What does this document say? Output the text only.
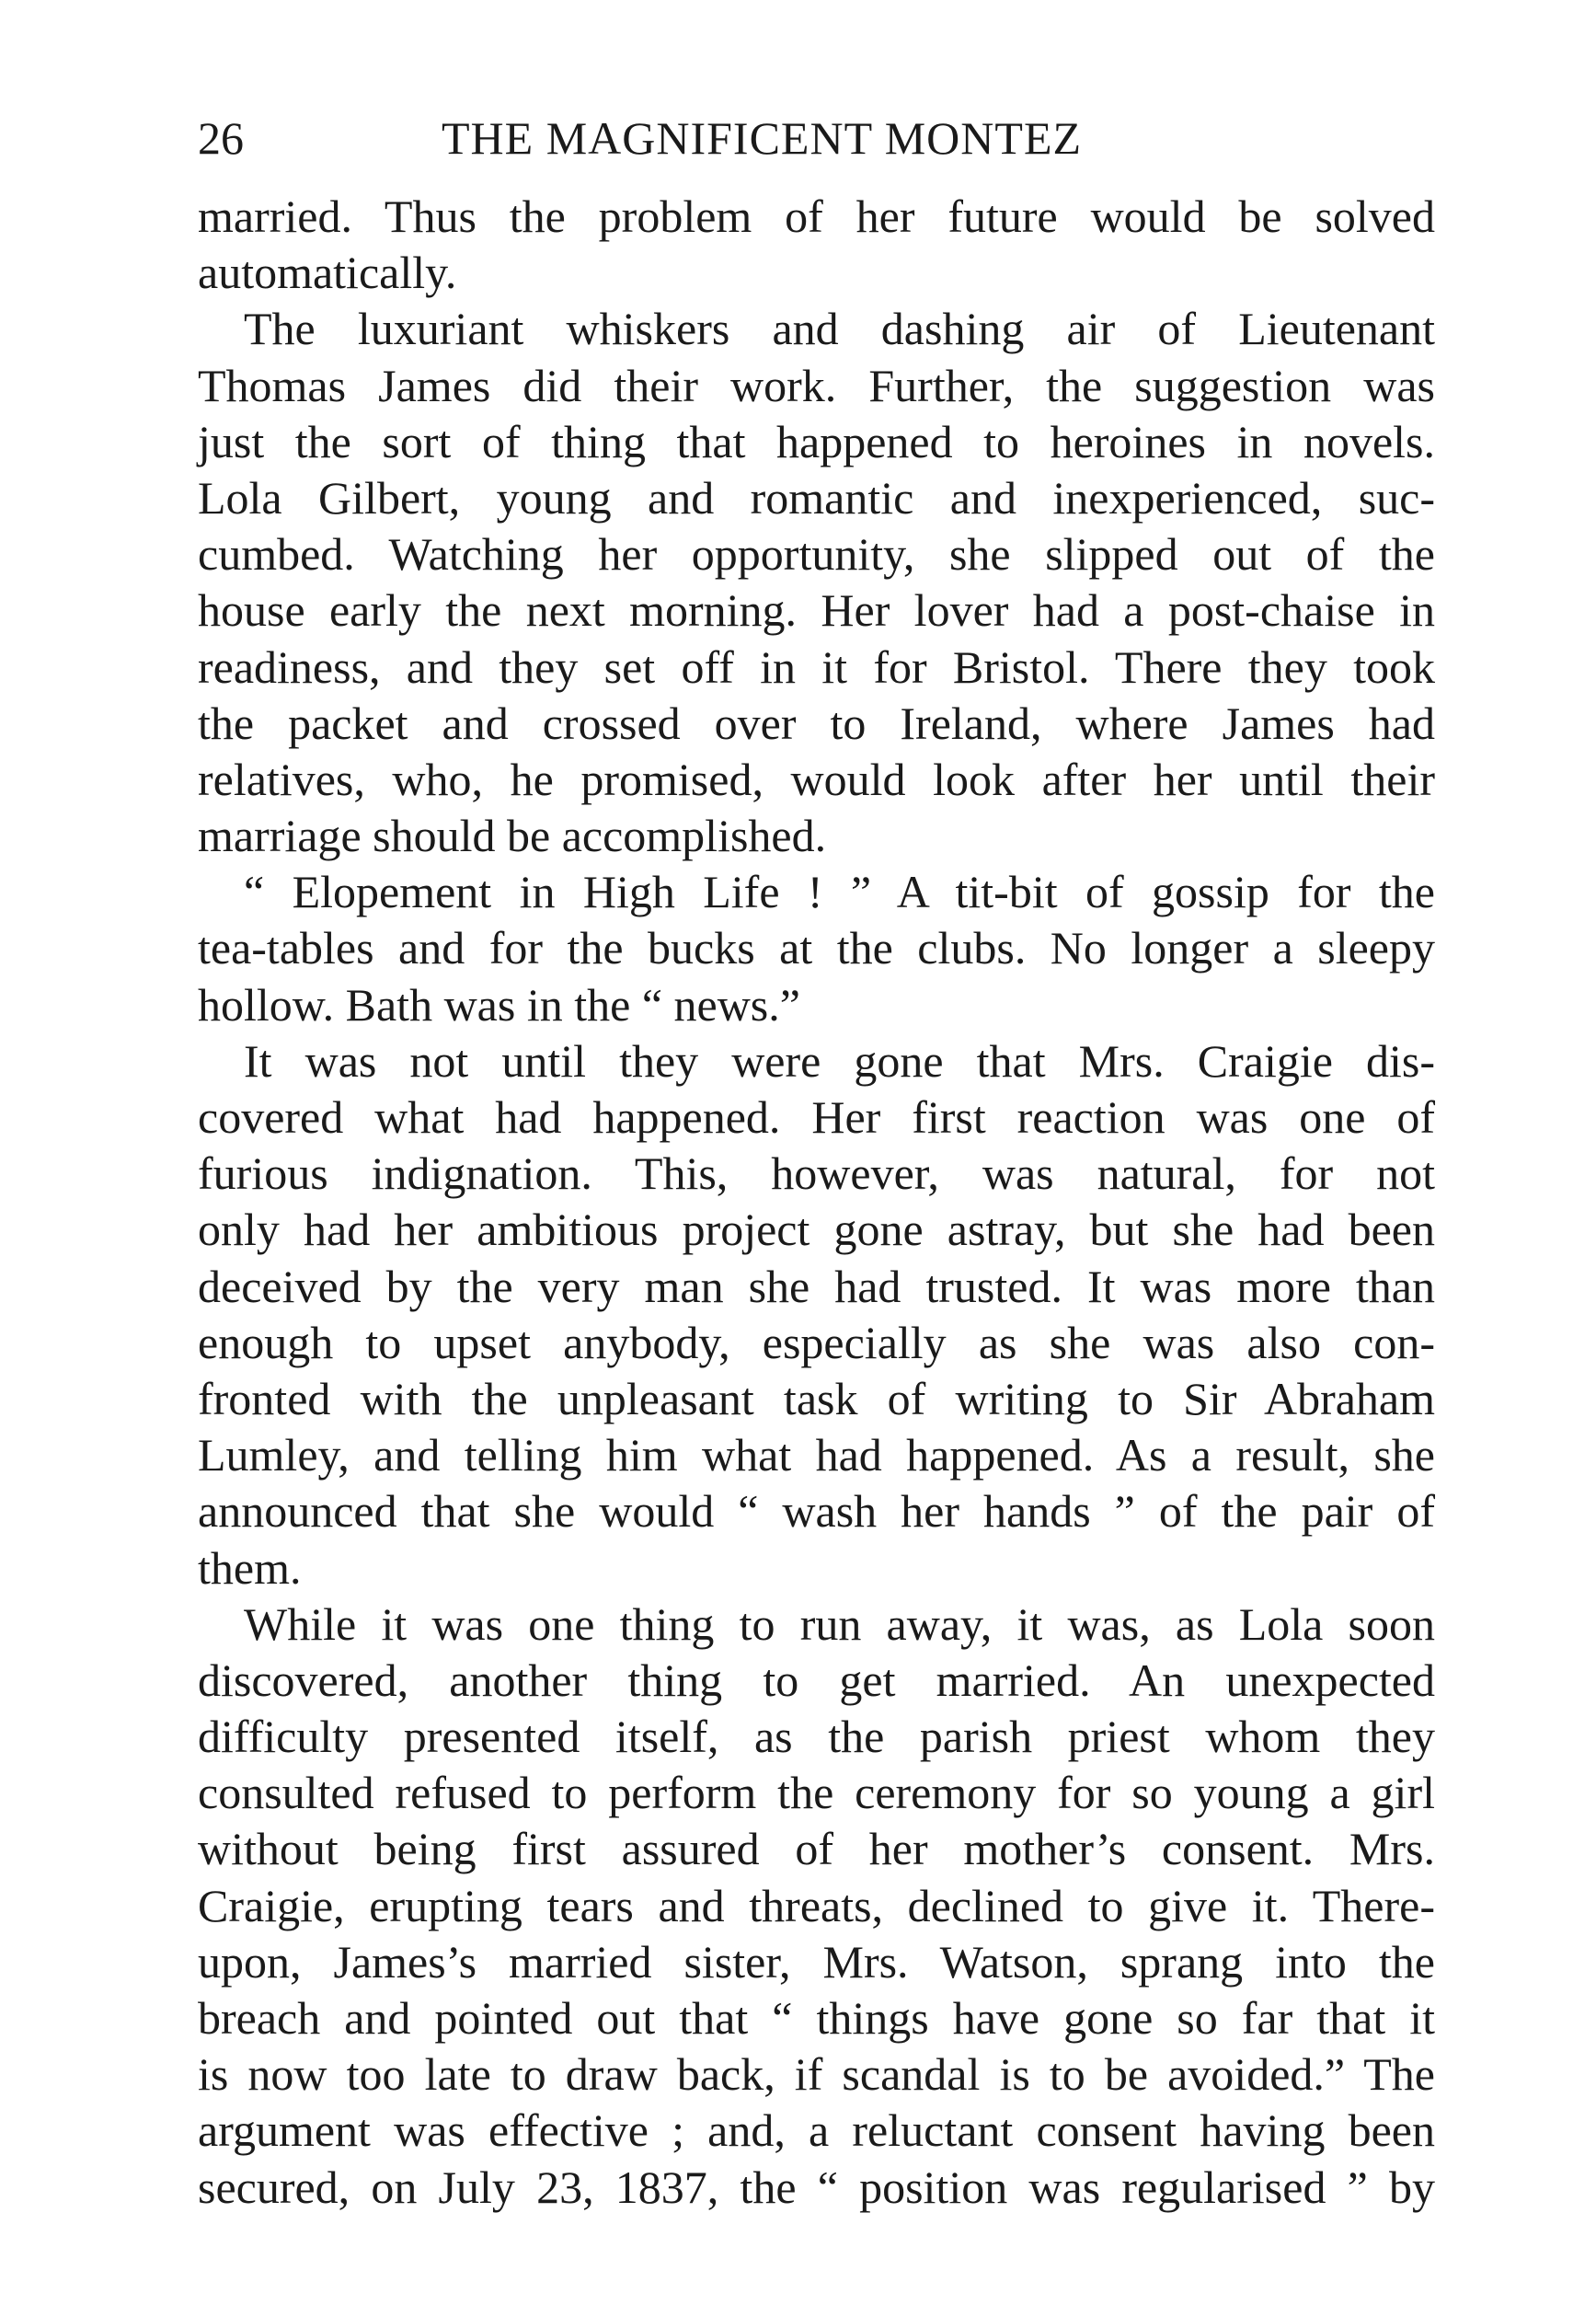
26	THE MAGNIFICENT MONTEZ
married. Thus the problem of her future would be solved
automatically.
The luxuriant whiskers and dashing air of Lieutenant
Thomas James did their work. Further, the suggestion was
just the sort of thing that happened to heroines in novels.
Lola Gilbert, young and romantic and inexperienced, suc-
cumbed. Watching her opportunity, she slipped out of the
house early the next morning. Her lover had a post-chaise in
readiness, and they set off in it for Bristol. There they took
the packet and crossed over to Ireland, where James had
relatives, who, he promised, would look after her until their
marriage should be accomplished.
“ Elopement in High Life ! ” A tit-bit of gossip for the
tea-tables and for the bucks at the clubs. No longer a sleepy
hollow. Bath was in the “ news.”
It was not until they were gone that Mrs. Craigie dis-
covered what had happened. Her first reaction was one of
furious indignation. This, however, was natural, for not
only had her ambitious project gone astray, but she had been
deceived by the very man she had trusted. It was more than
enough to upset anybody, especially as she was also con-
fronted with the unpleasant task of writing to Sir Abraham
Lumley, and telling him what had happened. As a result, she
announced that she would “ wash her hands ” of the pair of
them.
While it was one thing to run away, it was, as Lola soon
discovered, another thing to get married. An unexpected
difficulty presented itself, as the parish priest whom they
consulted refused to perform the ceremony for so young a girl
without being first assured of her mother’s consent. Mrs.
Craigie, erupting tears and threats, declined to give it. There-
upon, James’s married sister, Mrs. Watson, sprang into the
breach and pointed out that “ things have gone so far that it
is now too late to draw back, if scandal is to be avoided.” The
argument was effective ; and, a reluctant consent having been
secured, on July 23, 1837, the “ position was regularised ” by
